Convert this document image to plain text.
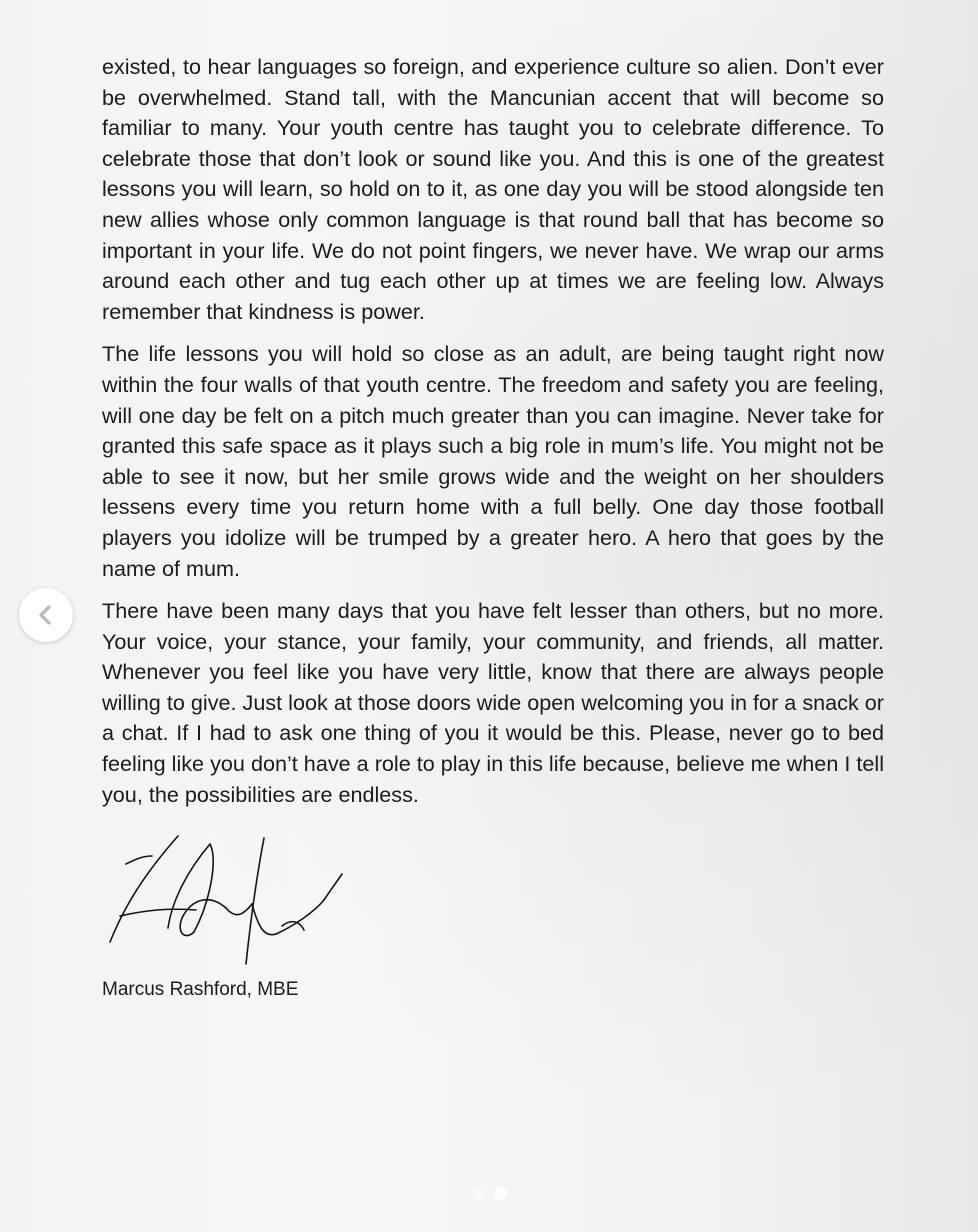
existed, to hear languages so foreign, and experience culture so alien. Don’t ever be overwhelmed. Stand tall, with the Mancunian accent that will become so familiar to many. Your youth centre has taught you to celebrate difference. To celebrate those that don’t look or sound like you. And this is one of the greatest lessons you will learn, so hold on to it, as one day you will be stood alongside ten new allies whose only common language is that round ball that has become so important in your life. We do not point fingers, we never have. We wrap our arms around each other and tug each other up at times we are feeling low. Always remember that kindness is power.

The life lessons you will hold so close as an adult, are being taught right now within the four walls of that youth centre. The freedom and safety you are feeling, will one day be felt on a pitch much greater than you can imagine. Never take for granted this safe space as it plays such a big role in mum’s life. You might not be able to see it now, but her smile grows wide and the weight on her shoulders lessens every time you return home with a full belly. One day those football players you idolize will be trumped by a greater hero. A hero that goes by the name of mum.

There have been many days that you have felt lesser than others, but no more. Your voice, your stance, your family, your community, and friends, all matter. Whenever you feel like you have very little, know that there are always people willing to give. Just look at those doors wide open welcoming you in for a snack or a chat. If I had to ask one thing of you it would be this. Please, never go to bed feeling like you don’t have a role to play in this life because, believe me when I tell you, the possibilities are endless.

Marcus Rashford, MBE
